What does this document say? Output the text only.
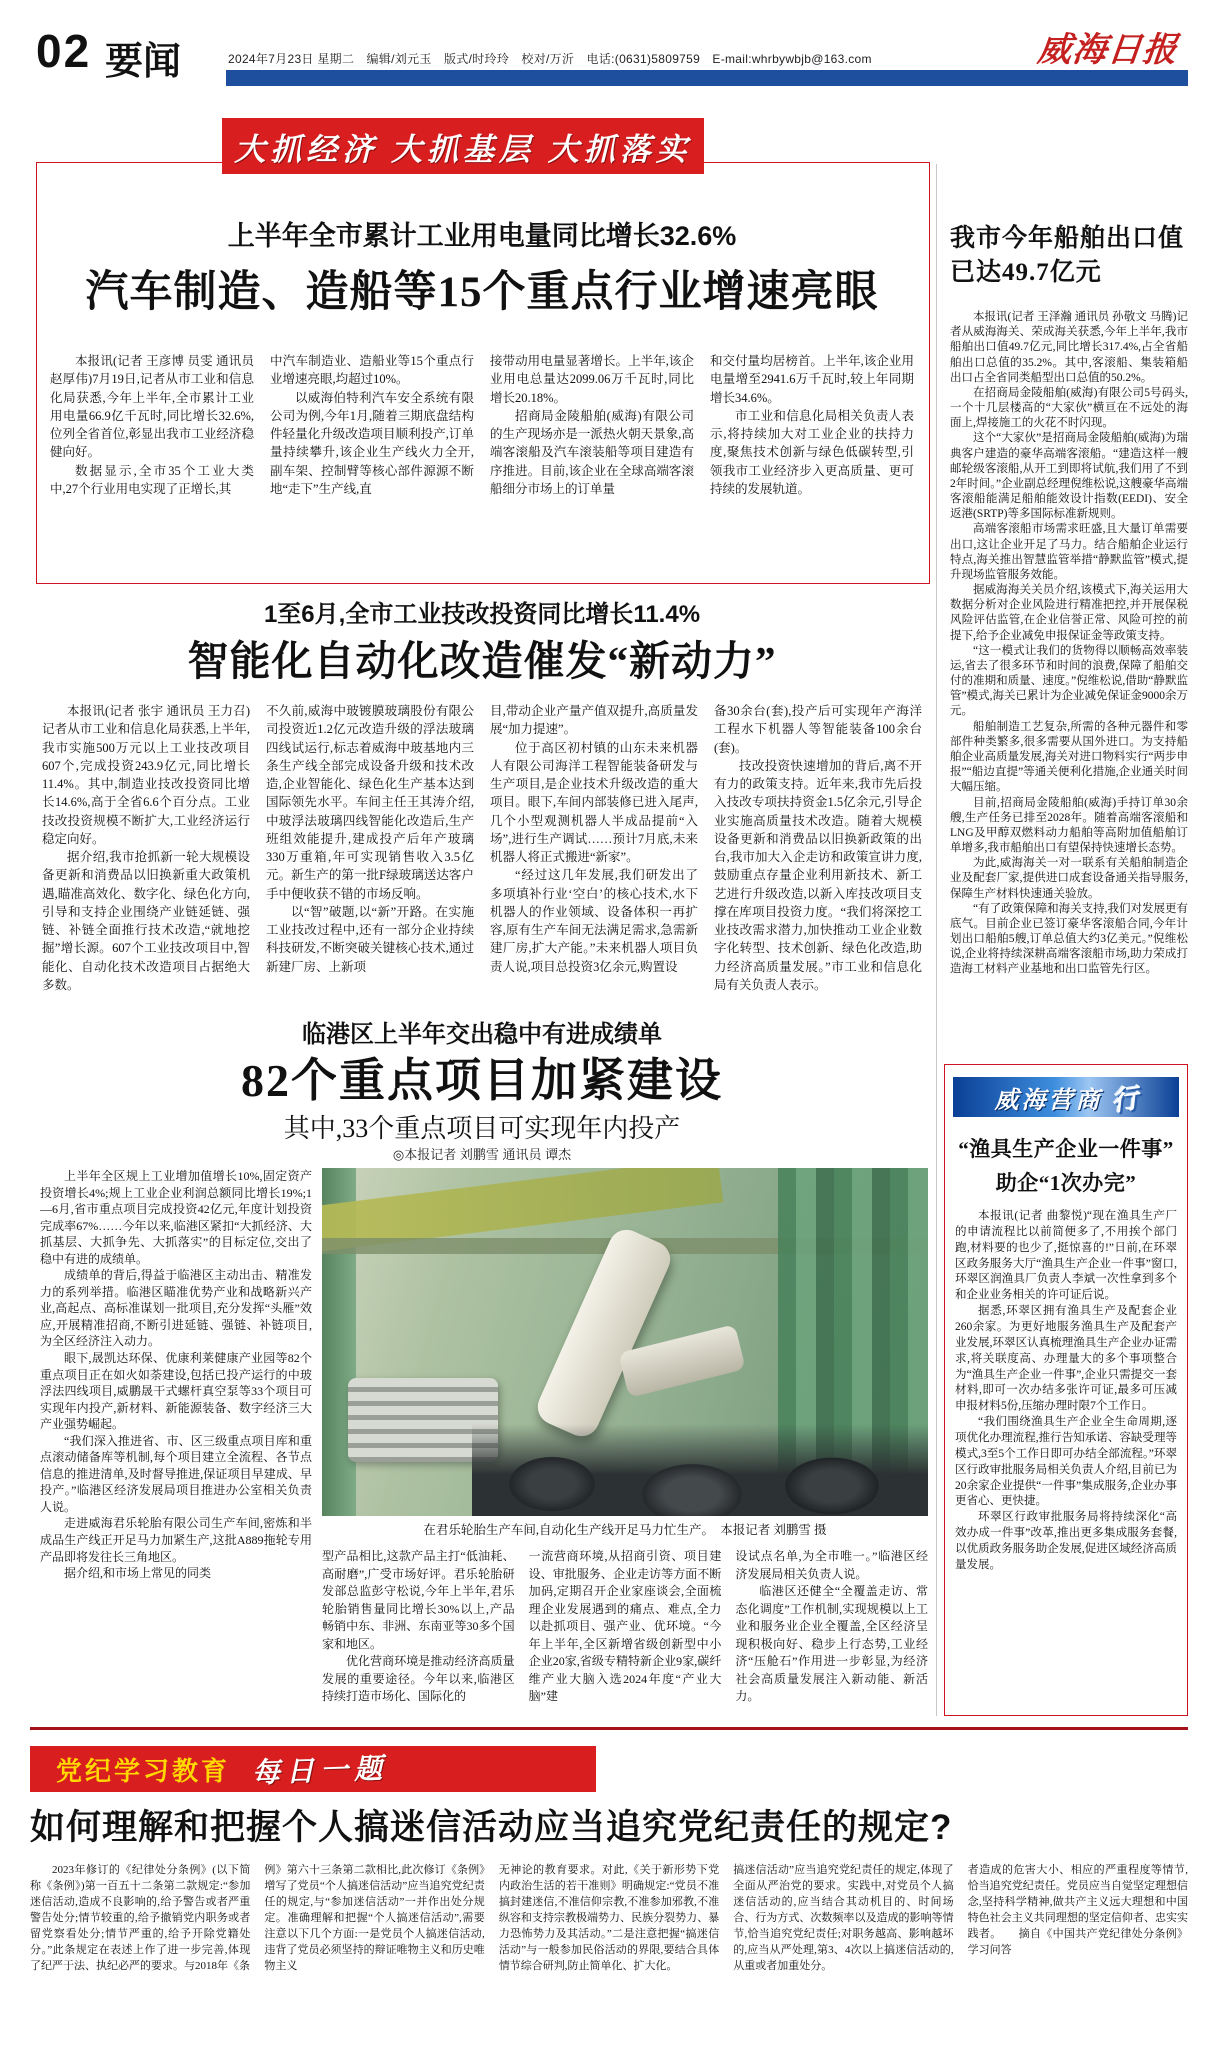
02 要闻	2024年7月23日 星期二　编辑/刘元玉　版式/时玲玲　校对/万沂　电话:(0631)5809759　E-mail:whrbywbjb@163.com	威海日报
大抓经济 大抓基层 大抓落实
上半年全市累计工业用电量同比增长32.6%
汽车制造、造船等15个重点行业增速亮眼

本报讯(记者 王彦博 员雯 通讯员 赵厚伟)7月19日,记者从市工业和信息化局获悉,今年上半年,全市累计工业用电量66.9亿千瓦时,同比增长32.6%,位列全省首位,彰显出我市工业经济稳健向好。

数据显示,全市35个工业大类中,27个行业用电实现了正增长,其

中汽车制造业、造船业等15个重点行业增速亮眼,均超过10%。

以威海伯特利汽车安全系统有限公司为例,今年1月,随着三期底盘结构件轻量化升级改造项目顺利投产,订单量持续攀升,该企业生产线火力全开,副车架、控制臂等核心部件源源不断地“走下”生产线,直

接带动用电量显著增长。上半年,该企业用电总量达2099.06万千瓦时,同比增长20.18%。

招商局金陵船舶(威海)有限公司的生产现场亦是一派热火朝天景象,高端客滚船及汽车滚装船等项目建造有序推进。目前,该企业在全球高端客滚船细分市场上的订单量

和交付量均居榜首。上半年,该企业用电量增至2941.6万千瓦时,较上年同期增长34.6%。

市工业和信息化局相关负责人表示,将持续加大对工业企业的扶持力度,聚焦技术创新与绿色低碳转型,引领我市工业经济步入更高质量、更可持续的发展轨道。

1至6月,全市工业技改投资同比增长11.4%
智能化自动化改造催发“新动力”

本报讯(记者 张宇 通讯员 王力召)记者从市工业和信息化局获悉,上半年,我市实施500万元以上工业技改项目607个,完成投资243.9亿元,同比增长11.4%。其中,制造业技改投资同比增长14.6%,高于全省6.6个百分点。工业技改投资规模不断扩大,工业经济运行稳定向好。

据介绍,我市抢抓新一轮大规模设备更新和消费品以旧换新重大政策机遇,瞄准高效化、数字化、绿色化方向,引导和支持企业围绕产业链延链、强链、补链全面推行技术改造,“就地挖掘”增长源。607个工业技改项目中,智能化、自动化技术改造项目占据绝大多数。

不久前,威海中玻镀膜玻璃股份有限公司投资近1.2亿元改造升级的浮法玻璃四线试运行,标志着威海中玻基地内三条生产线全部完成设备升级和技术改造,企业智能化、绿色化生产基本达到国际领先水平。车间主任王其涛介绍,中玻浮法玻璃四线智能化改造后,生产班组效能提升,建成投产后年产玻璃330万重箱,年可实现销售收入3.5亿元。新生产的第一批F绿玻璃送达客户手中便收获不错的市场反响。

以“智”破题,以“新”开路。在实施工业技改过程中,还有一部分企业持续科技研发,不断突破关键核心技术,通过新建厂房、上新项

目,带动企业产量产值双提升,高质量发展“加力提速”。

位于高区初村镇的山东未来机器人有限公司海洋工程智能装备研发与生产项目,是企业技术升级改造的重大项目。眼下,车间内部装修已进入尾声,几个小型观测机器人半成品提前“入场”,进行生产调试……预计7月底,未来机器人将正式搬进“新家”。

“经过这几年发展,我们研发出了多项填补行业‘空白’的核心技术,水下机器人的作业领域、设备体积一再扩容,原有生产车间无法满足需求,急需新建厂房,扩大产能。”未来机器人项目负责人说,项目总投资3亿余元,购置设

备30余台(套),投产后可实现年产海洋工程水下机器人等智能装备100余台(套)。

技改投资快速增加的背后,离不开有力的政策支持。近年来,我市先后投入技改专项扶持资金1.5亿余元,引导企业实施高质量技术改造。随着大规模设备更新和消费品以旧换新政策的出台,我市加大入企走访和政策宣讲力度,鼓励重点存量企业利用新技术、新工艺进行升级改造,以新入库技改项目支撑在库项目投资力度。“我们将深挖工业技改需求潜力,加快推动工业企业数字化转型、技术创新、绿色化改造,助力经济高质量发展。”市工业和信息化局有关负责人表示。

临港区上半年交出稳中有进成绩单
82个重点项目加紧建设
其中,33个重点项目可实现年内投产
◎本报记者 刘鹏雪 通讯员 谭杰

上半年全区规上工业增加值增长10%,固定资产投资增长4%;规上工业企业利润总额同比增长19%;1—6月,省市重点项目完成投资42亿元,年度计划投资完成率67%……今年以来,临港区紧扣“大抓经济、大抓基层、大抓争先、大抓落实”的目标定位,交出了稳中有进的成绩单。

成绩单的背后,得益于临港区主动出击、精准发力的系列举措。临港区瞄准优势产业和战略新兴产业,高起点、高标准谋划一批项目,充分发挥“头雁”效应,开展精准招商,不断引进延链、强链、补链项目,为全区经济注入动力。

眼下,晟凯达环保、优康利莱健康产业园等82个重点项目正在如火如荼建设,包括已投产运行的中玻浮法四线项目,威鹏晟干式螺杆真空泵等33个项目可实现年内投产,新材料、新能源装备、数字经济三大产业强势崛起。

“我们深入推进省、市、区三级重点项目库和重点滚动储备库等机制,每个项目建立全流程、各节点信息的推进清单,及时督导推进,保证项目早建成、早投产。”临港区经济发展局项目推进办公室相关负责人说。

走进威海君乐轮胎有限公司生产车间,密炼和半成品生产线正开足马力加紧生产,这批A889拖轮专用产品即将发往长三角地区。

据介绍,和市场上常见的同类

在君乐轮胎生产车间,自动化生产线开足马力忙生产。　本报记者 刘鹏雪 摄

型产品相比,这款产品主打“低油耗、高耐磨”,广受市场好评。君乐轮胎研发部总监彭守松说,今年上半年,君乐轮胎销售量同比增长30%以上,产品畅销中东、非洲、东南亚等30多个国家和地区。

优化营商环境是推动经济高质量发展的重要途径。今年以来,临港区持续打造市场化、国际化的

一流营商环境,从招商引资、项目建设、审批服务、企业走访等方面不断加码,定期召开企业家座谈会,全面梳理企业发展遇到的痛点、难点,全力以赴抓项目、强产业、优环境。“今年上半年,全区新增省级创新型中小企业20家,省级专精特新企业9家,碳纤维产业大脑入选2024年度“产业大脑”建

设试点名单,为全市唯一。”临港区经济发展局相关负责人说。

临港区还健全“全覆盖走访、常态化调度”工作机制,实现规模以上工业和服务业企业全覆盖,全区经济呈现积极向好、稳步上行态势,工业经济“压舱石”作用进一步彰显,为经济社会高质量发展注入新动能、新活力。

我市今年船舶出口值
已达49.7亿元

本报讯(记者 王泽瀚 通讯员 孙敬文 马腾)记者从威海海关、荣成海关获悉,今年上半年,我市船舶出口值49.7亿元,同比增长317.4%,占全省船舶出口总值的35.2%。其中,客滚船、集装箱船出口占全省同类船型出口总值的50.2%。

在招商局金陵船舶(威海)有限公司5号码头,一个十几层楼高的“大家伙”横亘在不远处的海面上,焊接施工的火花不时闪现。

这个“大家伙”是招商局金陵船舶(威海)为瑞典客户建造的豪华高端客滚船。“建造这样一艘邮轮级客滚船,从开工到即将试航,我们用了不到2年时间。”企业副总经理倪维松说,这艘豪华高端客滚船能满足船舶能效设计指数(EEDI)、安全返港(SRTP)等多国际标准新规则。

高端客滚船市场需求旺盛,且大量订单需要出口,这让企业开足了马力。结合船舶企业运行特点,海关推出智慧监管举措“静默监管”模式,提升现场监管服务效能。

据威海海关关员介绍,该模式下,海关运用大数据分析对企业风险进行精准把控,并开展保税风险评估监管,在企业信誉正常、风险可控的前提下,给予企业减免申报保证金等政策支持。

“这一模式让我们的货物得以顺畅高效率装运,省去了很多环节和时间的浪费,保障了船舶交付的准期和质量、速度。”倪维松说,借助“静默监管”模式,海关已累计为企业减免保证金9000余万元。

船舶制造工艺复杂,所需的各种元器件和零部件种类繁多,很多需要从国外进口。为支持船舶企业高质量发展,海关对进口物料实行“两步申报”“船边直提”等通关便利化措施,企业通关时间大幅压缩。

目前,招商局金陵船舶(威海)手持订单30余艘,生产任务已排至2028年。随着高端客滚船和LNG及甲醇双燃料动力船舶等高附加值船舶订单增多,我市船舶出口有望保持快速增长态势。

为此,威海海关一对一联系有关船舶制造企业及配套厂家,提供进口成套设备通关指导服务,保障生产材料快速通关验放。

“有了政策保障和海关支持,我们对发展更有底气。目前企业已签订豪华客滚船合同,今年计划出口船舶5艘,订单总值大约3亿美元。”倪维松说,企业将持续深耕高端客滚船市场,助力荣成打造海工材料产业基地和出口监管先行区。

威海营商 行
“渔具生产企业一件事”
助企“1次办完”

本报讯(记者 曲黎悦)“现在渔具生产厂的申请流程比以前简便多了,不用挨个部门跑,材料要的也少了,挺惊喜的!”日前,在环翠区政务服务大厅“渔具生产企业一件事”窗口,环翠区润渔具厂负责人李斌一次性拿到多个和企业业务相关的许可证后说。

据悉,环翠区拥有渔具生产及配套企业260余家。为更好地服务渔具生产及配套产业发展,环翠区认真梳理渔具生产企业办证需求,将关联度高、办理量大的多个事项整合为“渔具生产企业一件事”,企业只需提交一套材料,即可一次办结多张许可证,最多可压减申报材料5份,压缩办理时限7个工作日。

“我们围绕渔具生产企业全生命周期,逐项优化办理流程,推行告知承诺、容缺受理等模式,3至5个工作日即可办结全部流程。”环翠区行政审批服务局相关负责人介绍,目前已为20余家企业提供“一件事”集成服务,企业办事更省心、更快捷。

环翠区行政审批服务局将持续深化“高效办成一件事”改革,推出更多集成服务套餐,以优质政务服务助企发展,促进区域经济高质量发展。

党纪学习教育 每日一题
如何理解和把握个人搞迷信活动应当追究党纪责任的规定?

2023年修订的《纪律处分条例》(以下简称《条例》)第一百五十二条第二款规定:“参加迷信活动,造成不良影响的,给予警告或者严重警告处分;情节较重的,给予撤销党内职务或者留党察看处分;情节严重的,给予开除党籍处分。”此条规定在表述上作了进一步完善,体现了纪严于法、执纪必严的要求。与2018年《条

例》第六十三条第二款相比,此次修订《条例》增写了党员“个人搞迷信活动”应当追究党纪责任的规定,与“参加迷信活动”一并作出处分规定。准确理解和把握“个人搞迷信活动”,需要注意以下几个方面:一是党员个人搞迷信活动,违背了党员必须坚持的辩证唯物主义和历史唯物主义

无神论的教育要求。对此,《关于新形势下党内政治生活的若干准则》明确规定:“党员不准搞封建迷信,不准信仰宗教,不准参加邪教,不准纵容和支持宗教极端势力、民族分裂势力、暴力恐怖势力及其活动。”二是注意把握“搞迷信活动”与一般参加民俗活动的界限,要结合具体情节综合研判,防止简单化、扩大化。

搞迷信活动”应当追究党纪责任的规定,体现了全面从严治党的要求。实践中,对党员个人搞迷信活动的,应当结合其动机目的、时间场合、行为方式、次数频率以及造成的影响等情节,恰当追究党纪责任;对职务越高、影响越坏的,应当从严处理,第3、4次以上搞迷信活动的,从重或者加重处分。

者造成的危害大小、相应的严重程度等情节,恰当追究党纪责任。党员应当自觉坚定理想信念,坚持科学精神,做共产主义远大理想和中国特色社会主义共同理想的坚定信仰者、忠实实践者。　　摘自《中国共产党纪律处分条例》学习问答
